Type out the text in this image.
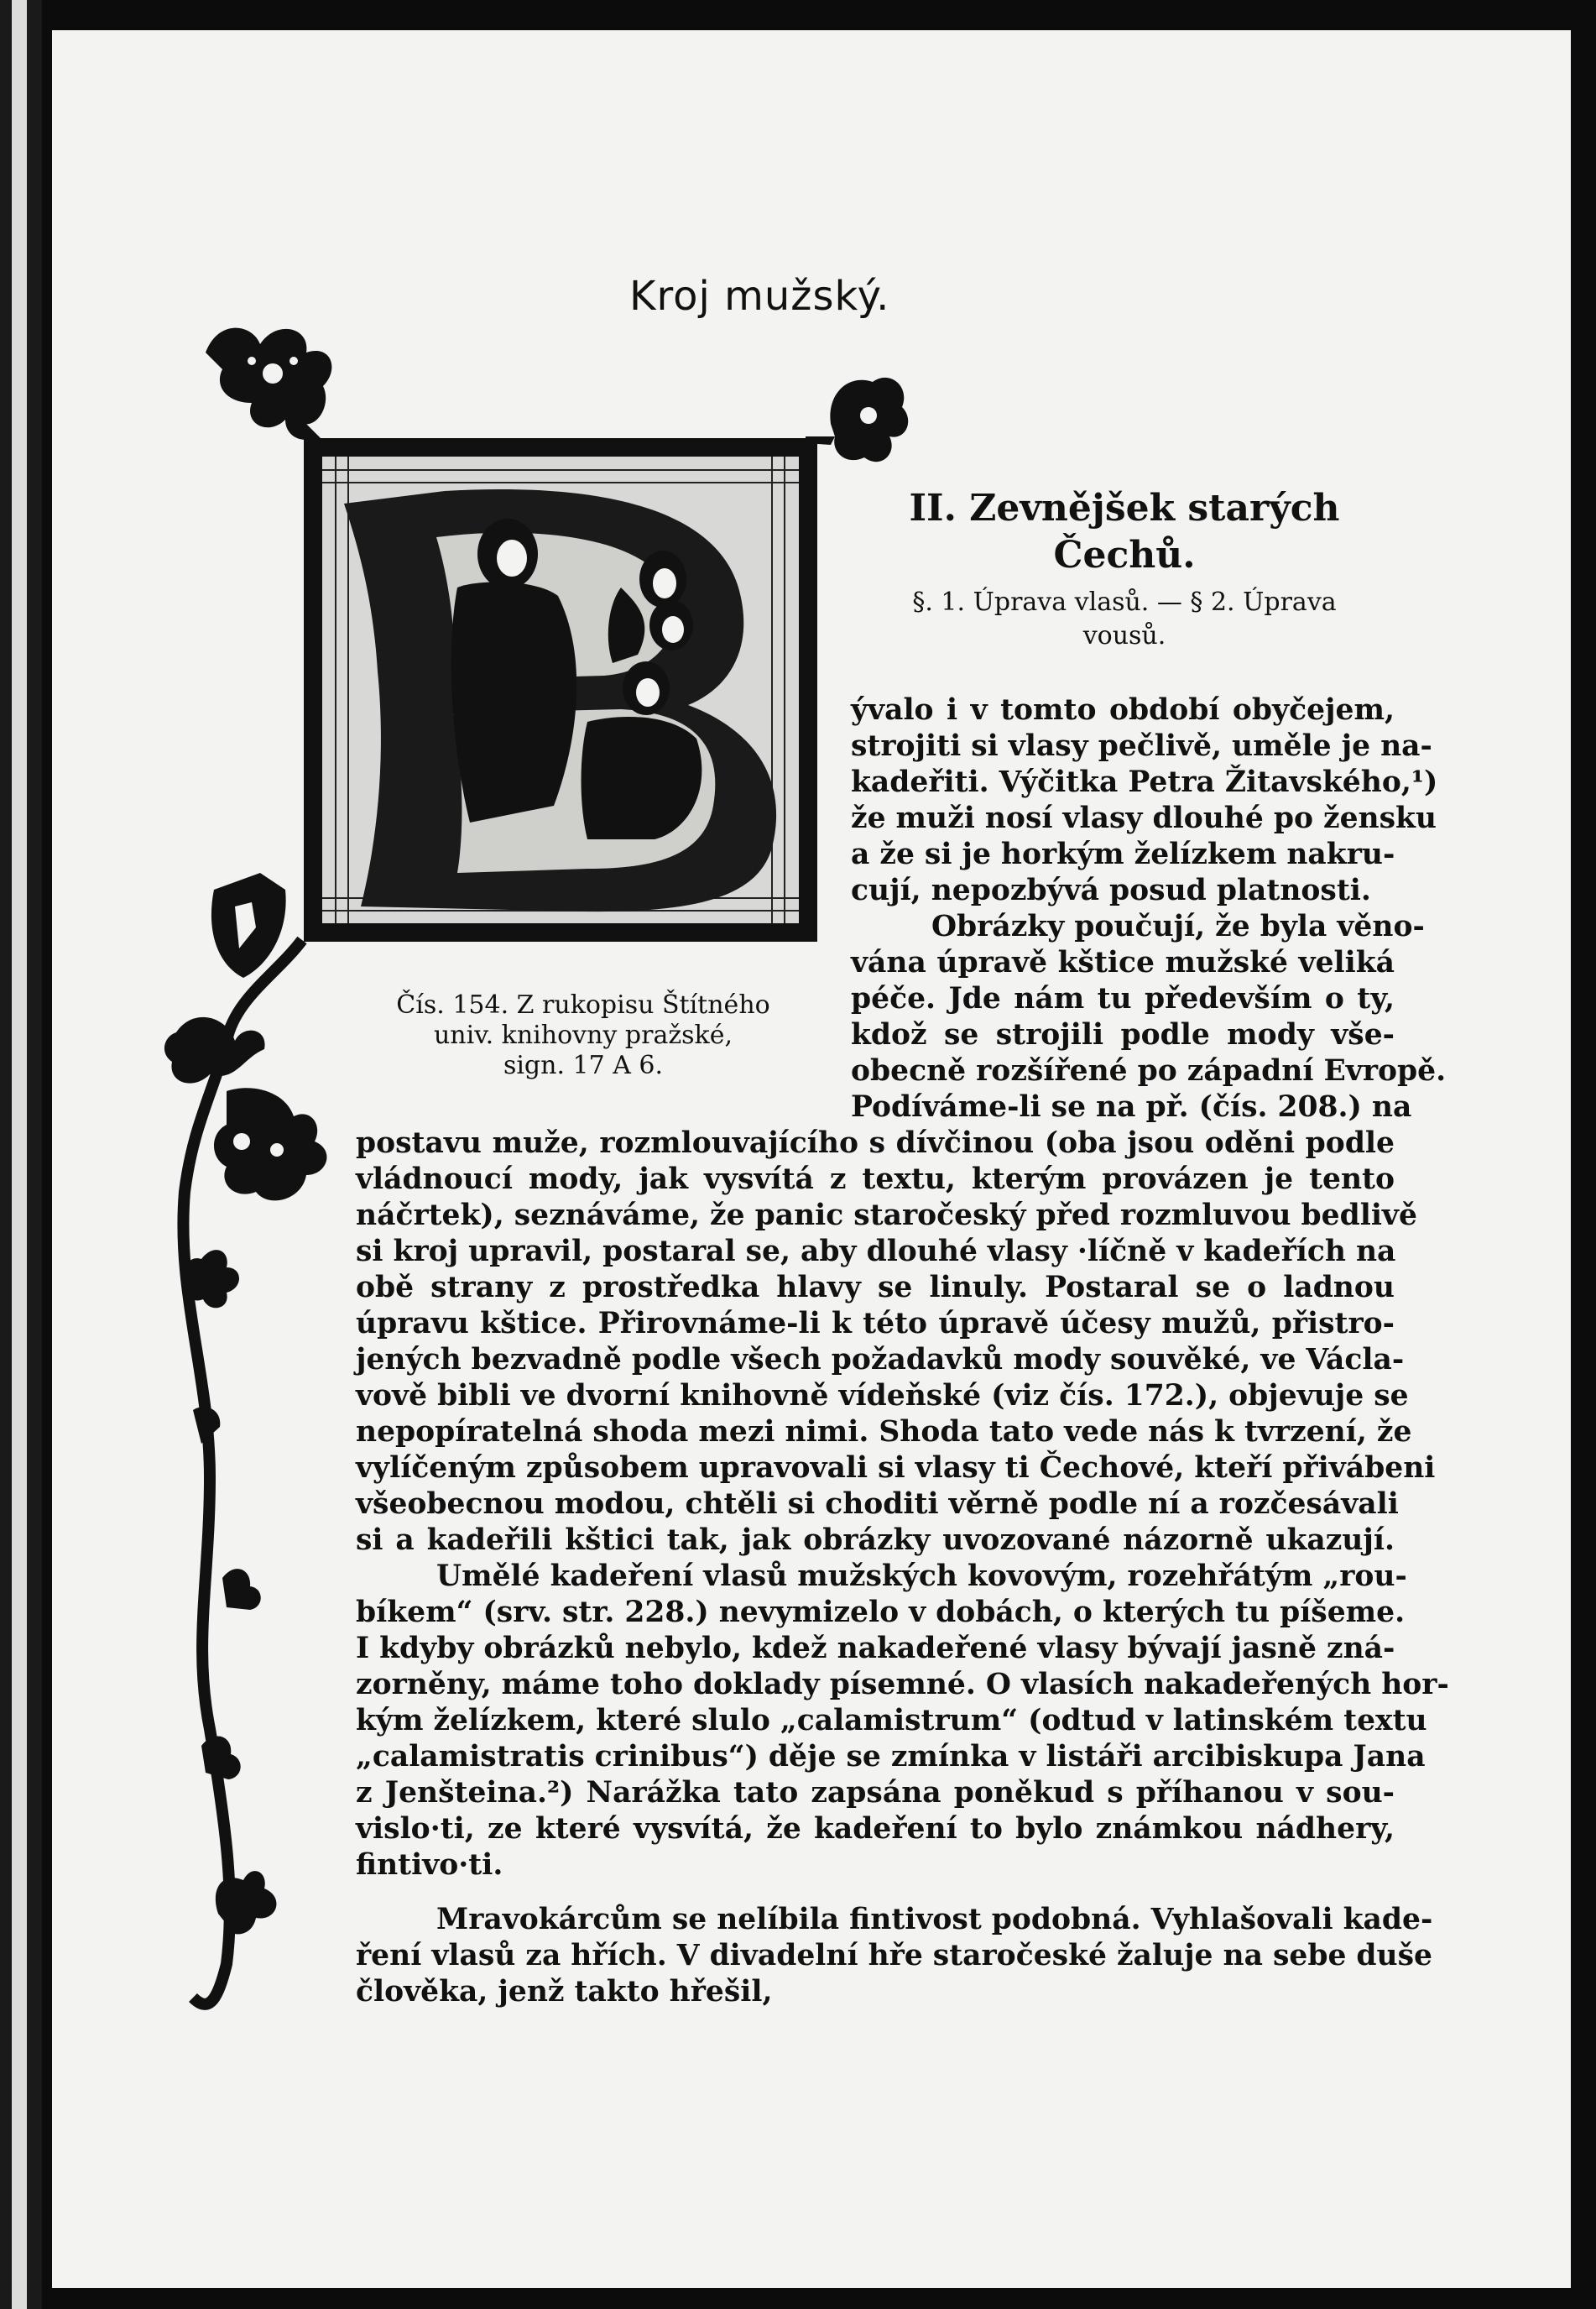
Kroj mužský.
II. Zevnějšek starých
Čechů.
§. 1. Úprava vlasů. — § 2. Úprava
vousů.
Čís. 154. Z rukopisu Štítného
univ. knihovny pražské,
sign. 17 A 6.
ývalo i v tomto období obyčejem,
strojiti si vlasy pečlivě, uměle je na-
kadeřiti. Výčitka Petra Žitavského,¹)
že muži nosí vlasy dlouhé po žensku
a že si je horkým želízkem nakru-
cují, nepozbývá posud platnosti.
Obrázky poučují, že byla věno-
vána úpravě kštice mužské veliká
péče. Jde nám tu především o ty,
kdož se strojili podle mody vše-
obecně rozšířené po západní Evropě.
Podíváme-li se na př. (čís. 208.) na
postavu muže, rozmlouvajícího s dívčinou (oba jsou oděni podle
vládnoucí mody, jak vysvítá z textu, kterým provázen je tento
náčrtek), seznáváme, že panic staročeský před rozmluvou bedlivě
si kroj upravil, postaral se, aby dlouhé vlasy ·líčně v kadeřích na
obě strany z prostředka hlavy se linuly. Postaral se o ladnou
úpravu kštice. Přirovnáme-li k této úpravě účesy mužů, přistro-
jených bezvadně podle všech požadavků mody souvěké, ve Václa-
vově bibli ve dvorní knihovně vídeňské (viz čís. 172.), objevuje se
nepopíratelná shoda mezi nimi. Shoda tato vede nás k tvrzení, že
vylíčeným způsobem upravovali si vlasy ti Čechové, kteří přivábeni
všeobecnou modou, chtěli si choditi věrně podle ní a rozčesávali
si a kadeřili kštici tak, jak obrázky uvozované názorně ukazují.
Umělé kadeření vlasů mužských kovovým, rozehřátým „rou-
bíkem“ (srv. str. 228.) nevymizelo v dobách, o kterých tu píšeme.
I kdyby obrázků nebylo, kdež nakadeřené vlasy bývají jasně zná-
zorněny, máme toho doklady písemné. O vlasích nakadeřených hor-
kým želízkem, které slulo „calamistrum“ (odtud v latinském textu
„calamistratis crinibus“) děje se zmínka v listáři arcibiskupa Jana
z Jenšteina.²) Narážka tato zapsána poněkud s příhanou v sou-
vislo·ti, ze které vysvítá, že kadeření to bylo známkou nádhery,
fintivo·ti.
Mravokárcům se nelíbila fintivost podobná. Vyhlašovali kade-
ření vlasů za hřích. V divadelní hře staročeské žaluje na sebe duše
člověka, jenž takto hřešil,
